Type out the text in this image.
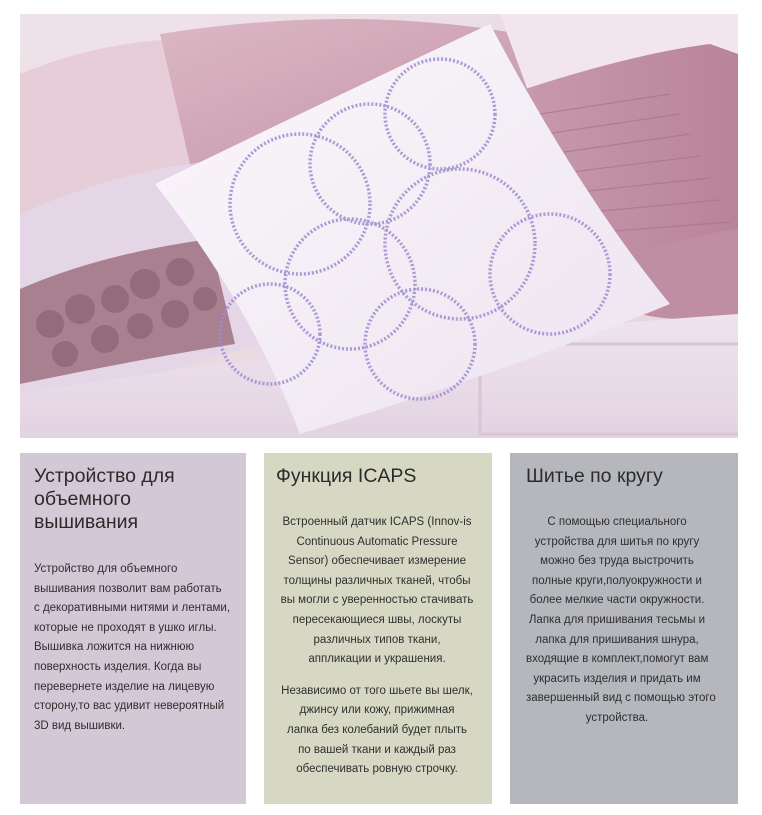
Устройство для
объемного
вышивания
Устройство для объемного
вышивания позволит вам работать
с декоративными нитями и лентами,
которые не проходят в ушко иглы.
Вышивка ложится на нижнюю
поверхность изделия. Когда вы
перевернете изделие на лицевую
сторону,то вас удивит невероятный
3D вид вышивки.
Функция ICAPS
Встроенный датчик ICAPS (Innov-is
Continuous Automatic Pressure
Sensor) обеспечивает измерение
толщины различных тканей, чтобы
вы могли с уверенностью стачивать
пересекающиеся швы, лоскуты
различных типов ткани,
аппликации и украшения.
Независимо от того шьете вы шелк,
джинсу или кожу, прижимная
лапка без колебаний будет плыть
по вашей ткани и каждый раз
обеспечивать ровную строчку.
Шитье по кругу
С помощью специального
устройства для шитья по кругу
можно без труда выстрочить
полные круги,полуокружности и
более мелкие части окружности.
Лапка для пришивания тесьмы и
лапка для пришивания шнура,
входящие в комплект,помогут вам
украсить изделия и придать им
завершенный вид с помощью этого
устройства.
